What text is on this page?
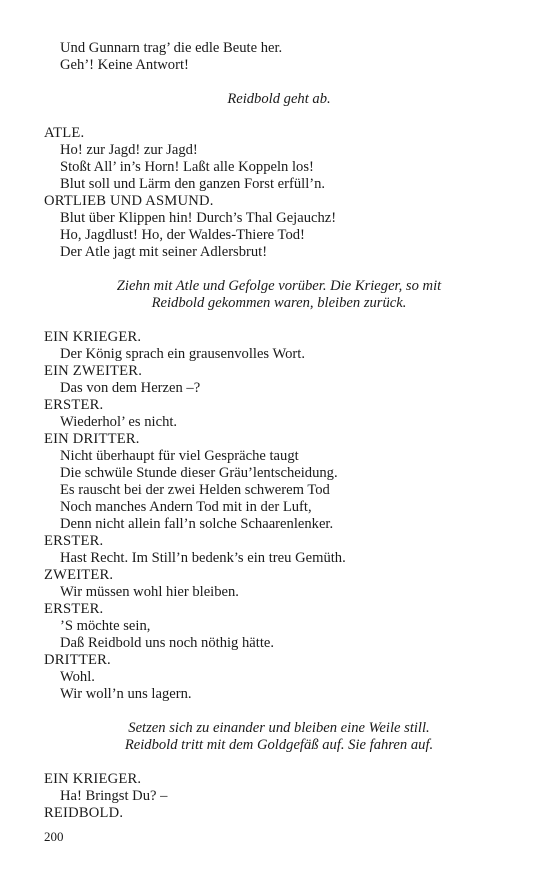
Und Gunnarn trag’ die edle Beute her.
Geh’! Keine Antwort!
Reidbold geht ab.
ATLE.
Ho! zur Jagd! zur Jagd!
Stoßt All’ in’s Horn! Laßt alle Koppeln los!
Blut soll und Lärm den ganzen Forst erfüll’n.
ORTLIEB UND ASMUND.
Blut über Klippen hin! Durch’s Thal Gejauchz!
Ho, Jagdlust! Ho, der Waldes-Thiere Tod!
Der Atle jagt mit seiner Adlersbrut!
Ziehn mit Atle und Gefolge vorüber. Die Krieger, so mit
Reidbold gekommen waren, bleiben zurück.
EIN KRIEGER.
Der König sprach ein grausenvolles Wort.
EIN ZWEITER.
Das von dem Herzen –?
ERSTER.
Wiederhol’ es nicht.
EIN DRITTER.
Nicht überhaupt für viel Gespräche taugt
Die schwüle Stunde dieser Gräu’lentscheidung.
Es rauscht bei der zwei Helden schwerem Tod
Noch manches Andern Tod mit in der Luft,
Denn nicht allein fall’n solche Schaarenlenker.
ERSTER.
Hast Recht. Im Still’n bedenk’s ein treu Gemüth.
ZWEITER.
Wir müssen wohl hier bleiben.
ERSTER.
’S möchte sein,
Daß Reidbold uns noch nöthig hätte.
DRITTER.
Wohl.
Wir woll’n uns lagern.
Setzen sich zu einander und bleiben eine Weile still.
Reidbold tritt mit dem Goldgefäß auf. Sie fahren auf.
EIN KRIEGER.
Ha! Bringst Du? –
REIDBOLD.
200
